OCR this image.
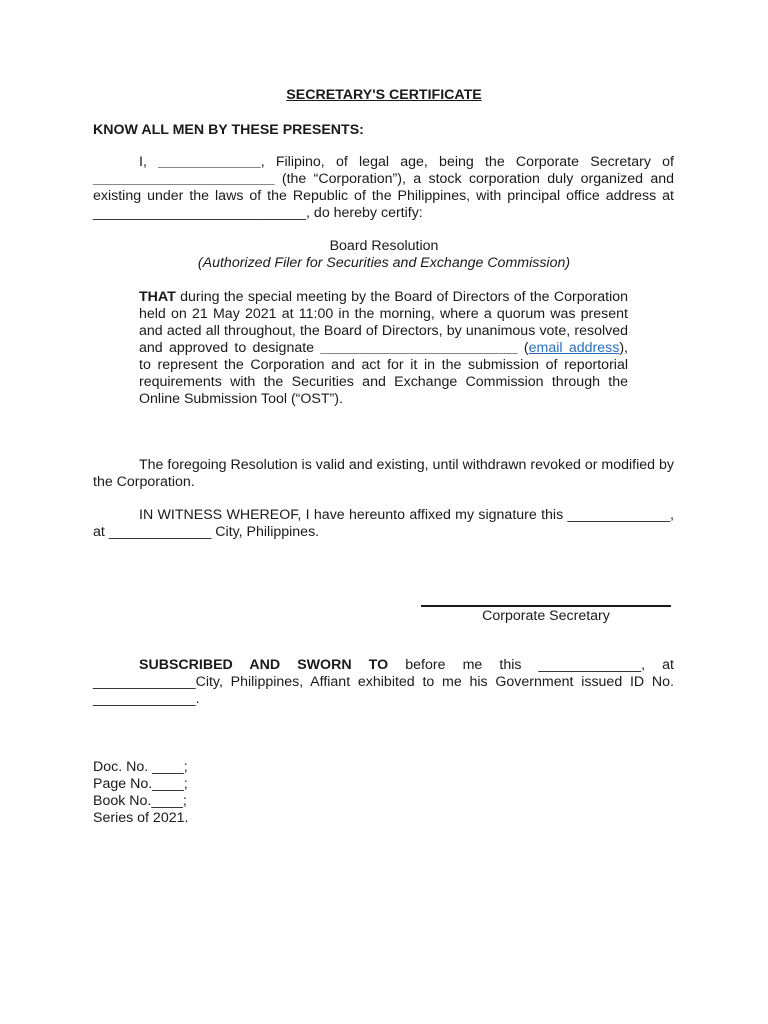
SECRETARY'S CERTIFICATE
KNOW ALL MEN BY THESE PRESENTS:
I, _____________, Filipino, of legal age, being the Corporate Secretary of _______________________ (the “Corporation”), a stock corporation duly organized and existing under the laws of the Republic of the Philippines, with principal office address at ___________________________, do hereby certify:
Board Resolution
(Authorized Filer for Securities and Exchange Commission)
THAT during the special meeting by the Board of Directors of the Corporation held on 21 May 2021 at 11:00 in the morning, where a quorum was present and acted all throughout, the Board of Directors, by unanimous vote, resolved and approved to designate _________________________ (email address), to represent the Corporation and act for it in the submission of reportorial requirements with the Securities and Exchange Commission through the Online Submission Tool (“OST”).
The foregoing Resolution is valid and existing, until withdrawn revoked or modified by the Corporation.
IN WITNESS WHEREOF, I have hereunto affixed my signature this _____________, at _____________ City, Philippines.
Corporate Secretary
SUBSCRIBED AND SWORN TO before me this _____________, at _____________City, Philippines, Affiant exhibited to me his Government issued ID No. _____________.
Doc. No. ____;
Page No.____;
Book No.____;
Series of 2021.
